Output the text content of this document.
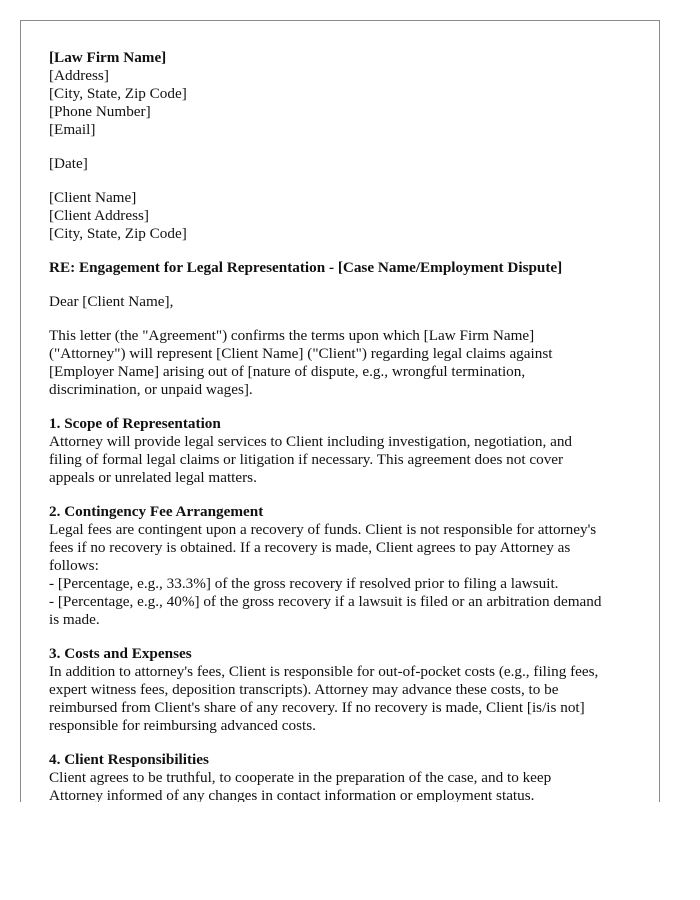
[Law Firm Name]
[Address]
[City, State, Zip Code]
[Phone Number]
[Email]
[Date]
[Client Name]
[Client Address]
[City, State, Zip Code]
RE: Engagement for Legal Representation - [Case Name/Employment Dispute]
Dear [Client Name],
This letter (the "Agreement") confirms the terms upon which [Law Firm Name]
("Attorney") will represent [Client Name] ("Client") regarding legal claims against
[Employer Name] arising out of [nature of dispute, e.g., wrongful termination,
discrimination, or unpaid wages].
1. Scope of Representation
Attorney will provide legal services to Client including investigation, negotiation, and
filing of formal legal claims or litigation if necessary. This agreement does not cover
appeals or unrelated legal matters.
2. Contingency Fee Arrangement
Legal fees are contingent upon a recovery of funds. Client is not responsible for attorney's
fees if no recovery is obtained. If a recovery is made, Client agrees to pay Attorney as
follows:
- [Percentage, e.g., 33.3%] of the gross recovery if resolved prior to filing a lawsuit.
- [Percentage, e.g., 40%] of the gross recovery if a lawsuit is filed or an arbitration demand
is made.
3. Costs and Expenses
In addition to attorney's fees, Client is responsible for out-of-pocket costs (e.g., filing fees,
expert witness fees, deposition transcripts). Attorney may advance these costs, to be
reimbursed from Client's share of any recovery. If no recovery is made, Client [is/is not]
responsible for reimbursing advanced costs.
4. Client Responsibilities
Client agrees to be truthful, to cooperate in the preparation of the case, and to keep
Attorney informed of any changes in contact information or employment status.
